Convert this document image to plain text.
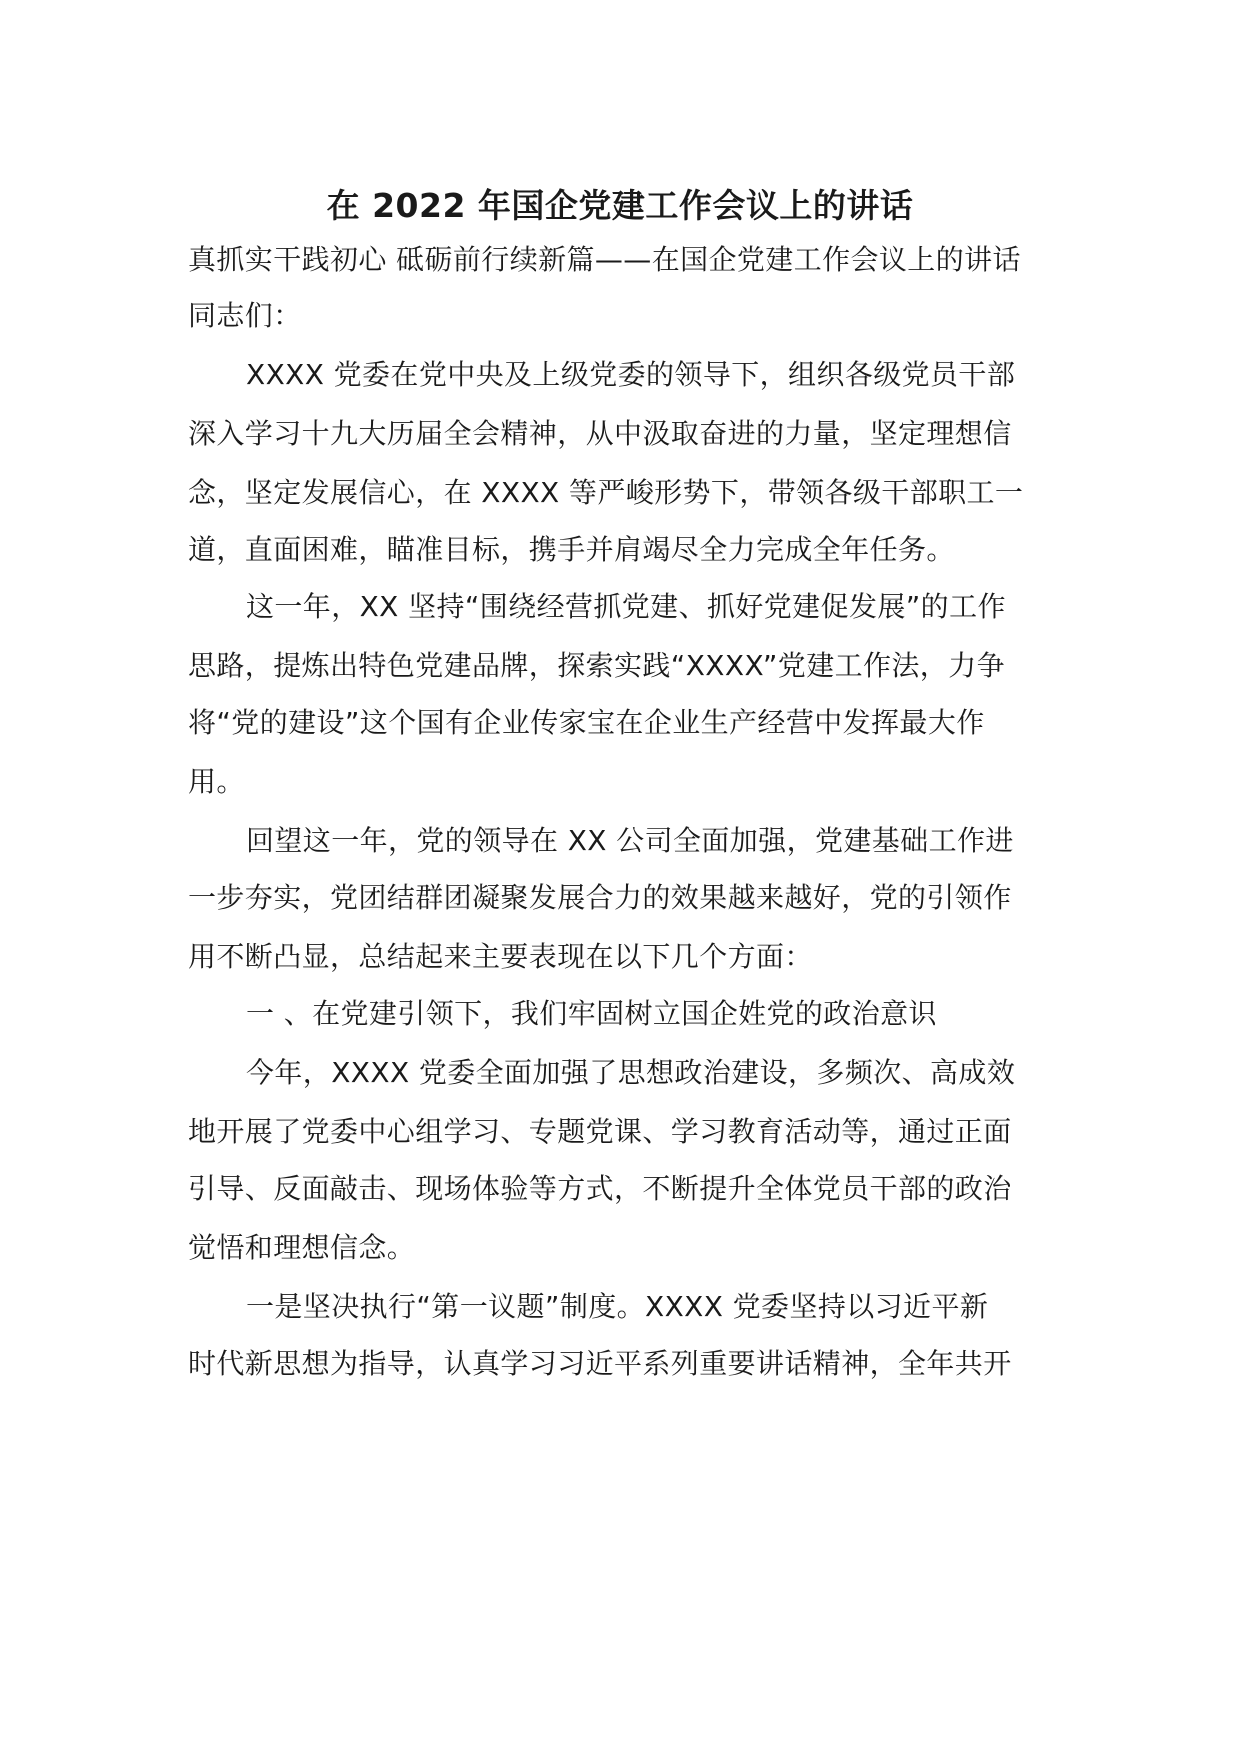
在 2022 年国企党建工作会议上的讲话
真抓实干践初心 砥砺前行续新篇——在国企党建工作会议上的讲话
同志们：
XXXX 党委在党中央及上级党委的领导下，组织各级党员干部
深入学习十九大历届全会精神，从中汲取奋进的力量，坚定理想信
念，坚定发展信心，在 XXXX 等严峻形势下，带领各级干部职工一
道，直面困难，瞄准目标，携手并肩竭尽全力完成全年任务。
这一年，XX 坚持“围绕经营抓党建、抓好党建促发展”的工作
思路，提炼出特色党建品牌，探索实践“XXXX”党建工作法，力争
将“党的建设”这个国有企业传家宝在企业生产经营中发挥最大作
用。
回望这一年，党的领导在 XX 公司全面加强，党建基础工作进
一步夯实，党团结群团凝聚发展合力的效果越来越好，党的引领作
用不断凸显，总结起来主要表现在以下几个方面：
一 、在党建引领下，我们牢固树立国企姓党的政治意识
今年，XXXX 党委全面加强了思想政治建设，多频次、高成效
地开展了党委中心组学习、专题党课、学习教育活动等，通过正面
引导、反面敲击、现场体验等方式，不断提升全体党员干部的政治
觉悟和理想信念。
一是坚决执行“第一议题”制度。XXXX 党委坚持以习近平新
时代新思想为指导，认真学习习近平系列重要讲话精神，全年共开
